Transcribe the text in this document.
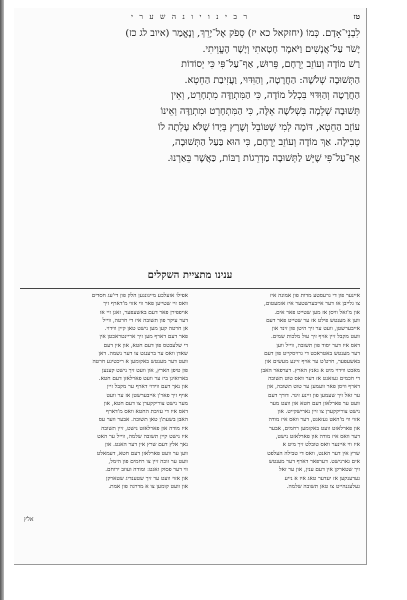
טז
ר ב י נ ו י ו נ ה ש ע ר י
לִבְנֵי־אָדָם. כְּמוֹ (יחזקאל כא יז) סְפֹק אֶל־יָרֵךְ, וְנֶאֱמַר (איוב לג כז)
יָשֹׁר עַל־אֲנָשִׁים וַיֹּאמֶר חָטָאתִי וְיָשָׁר הֶעֱוֵיתִי.
רַשׁ מוֹדֶה וְעוֹזֵב יְרֻחָם, פֵּרוּשׁ, אַף־עַל־פִּי כִּי יְסוֹדוֹת
הַתְּשׁוּבָה שְׁלֹשָׁה: הַחֲרָטָה, וְהַוִּדּוּי, וַעֲזִיבַת הַחֵטְא.
הַחֲרָטָה וְהַוִּדּוּי בִּכְלַל מוֹדֶה, כִּי הַמִּתְוַדֶּה מִתְחָרֵט, וְאֵין
תְּשׁוּבָה שְׁלֵמָה בִּשְׁלֹשָׁה אֵלֶּה, כִּי הַמִּתְחָרֵט וּמִתְוַדֶּה וְאֵינוֹ
עוֹזֵב הַחֵטְא, דּוֹמֶה לְמִי שֶׁטּוֹבֵל וְשֶׁרֶץ בְּיָדוֹ שֶׁלֹּא עָלְתָה לוֹ
טְבִילָה. אַךְ מוֹדֶה וְעוֹזֵב יְרֻחָם, כִּי הוּא בַּעַל הַתְּשׁוּבָה,
אַף־עַל־פִּי שֶׁיֵּשׁ לַתְּשׁוּבָה מַדְרֵגוֹת רַבּוֹת, כַּאֲשֶׁר בֵּאַרְנוּ.
ענינו מתציית השקלים
איינער פון די גרעסטע מדות פון אמונה איז
צו גלייבן אז דער אייבערשטער איז אומעטום,
און מ'זאל וויסן אז מען שטייט פאר אים.
ווען א מענטש פילט אז ער שטייט פאר דעם
אייבערשטן, וועט ער זיך היטן פון זינד און
וועט מקבל זיין אויף זיך עול מלכות שמים.
דאס איז דער יסוד פון תשובה, ווייל ווען
דער מענטש באטראכט די גרויסקייט פון דעם
באשעפער, חרט'ט ער אויף זיינע מעשים און
מאכט ווידוי מיט א גאנץ הארץ. דערפאר האבן
די חכמים געזאגט אז דער וואס טוט תשובה
דארף וויסן פאר וועמען ער טוט תשובה, און
ער זאל זיך שעמען פון זיינע זינד. דורך דעם
וועט ער פארלאזן דעם חטא און וועט מער
נישט צוריקקערן צו זיין נארישקייט. און
אזוי ווי מ'האט געזאגט, דער וואס איז מודה
און פארלאזט וועט באקומען רחמים, אבער
דער וואס איז מודה און פארלאזט נישט,
איז ווי איינער וואס טובלט זיך מיט א
שרץ אין דער האנט, וואס די טבילה העלפט
אים גארנישט. דערפאר דארף דער מענטש
זיך שטארקן אין דעם ענין, און ער זאל
געדענקען אז יעדער טאג איז א נייע
געלעגנהייט צו טאן תשובה שלמה.
אפילו אזעלכע מיינונגען הלק פון די'עג חסדים
וואס זיי שטייען פאר ווי אזוי מ'דארף זיך
אויפפירן פאר דעם באשעפער, זאגן זיי אז
דער עיקר פון תשובה איז די חרטה, ווייל
אן חרטה קען מען נישט טאן קיין ווידוי.
פאר דעם דארף מען זיך אריינטראכטן אין
די שלעכטס פון דעם חטא, און אין דעם
שאדן וואס ער ברענגט צו דער נשמה. דאן
וועט דער מענטש באקומען א ריכטיגע חרטה
פון טיפן הארץ, און וועט זיך נישט קענען
בארואיגן ביז ער וועט פארלאזן דעם חטא.
און נאך דעם ווידוי דארף ער מקבל זיין
אויף זיך פאר'ן אייבערשטן אז ער וועט
מער נישט צוריקקערן צו דעם חטא, און
דאס איז די עזיבת החטא וואס מ'דארף
האבן בשעת'ן טאן תשובה. אבער ווער עס
איז מודה און פארלאזט נישט, זיין תשובה
איז נישט קיין תשובה שלמה, ווייל ער האט
נאך אלץ דעם שרץ אין דער האנט. און
ווען ער וועט פארלאזן דעם חטא, דעמאלט
וועט ער זוכה זיין צו רחמים פון הימל,
ווי דער פסוק זאגט: ומודה ועוזב ירוחם.
און אזוי וועט ער זיך שטענדיג שטארקן
און וועט קומען צו א מדרגה פון אמת.
אלץ
